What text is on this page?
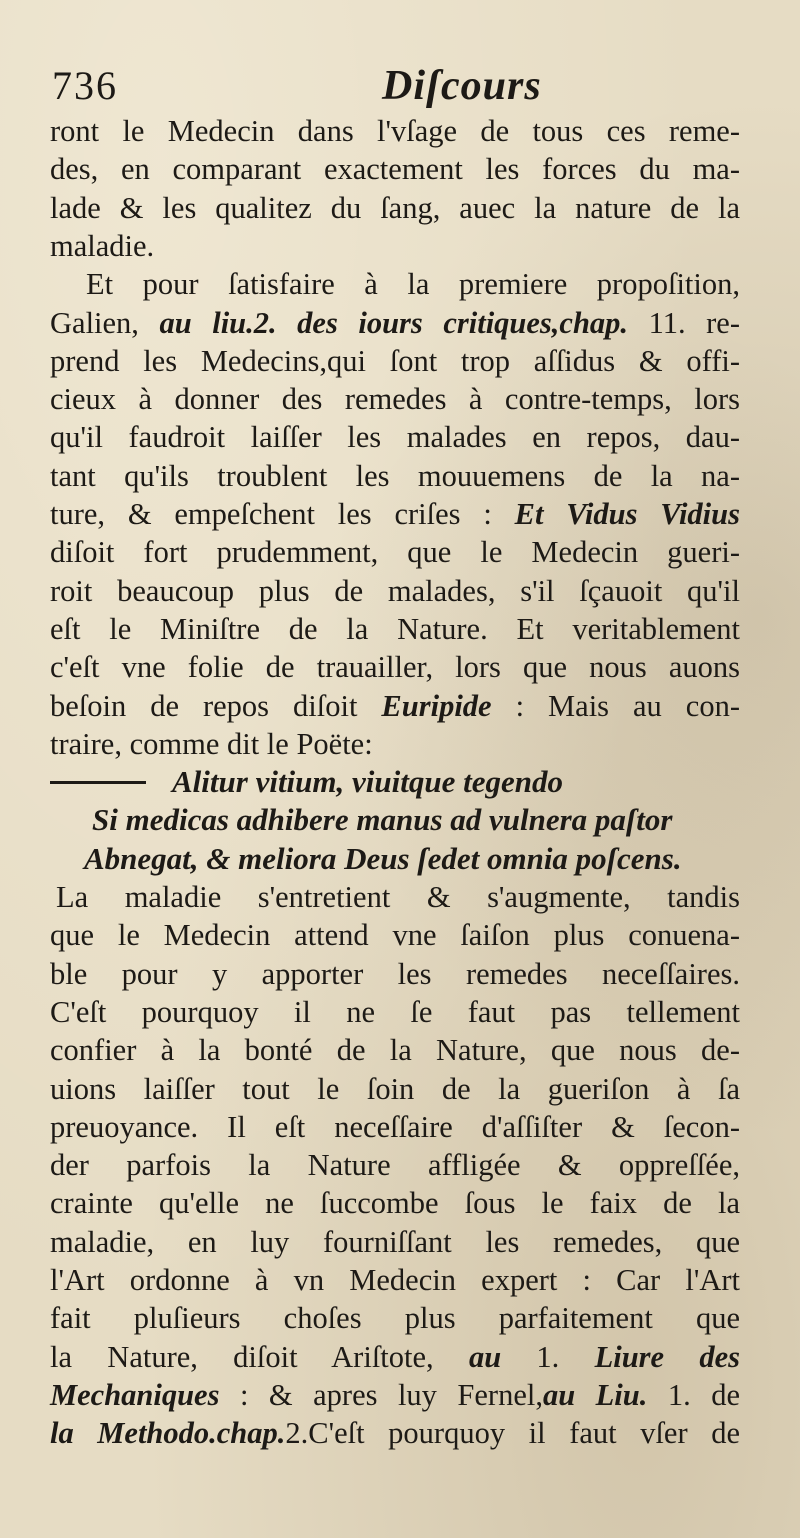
736	Diſcours
ront le Medecin dans l'vſage de tous ces reme-
des, en comparant exactement les forces du ma-
lade & les qualitez du ſang, auec la nature de la
maladie.
Et pour ſatisfaire à la premiere propoſition,
Galien, au liu.2. des iours critiques,chap. 11. re-
prend les Medecins,qui ſont trop aſſidus & offi-
cieux à donner des remedes à contre-temps, lors
qu'il faudroit laiſſer les malades en repos, dau-
tant qu'ils troublent les mouuemens de la na-
ture, & empeſchent les criſes : Et Vidus Vidius
diſoit fort prudemment, que le Medecin gueri-
roit beaucoup plus de malades, s'il ſçauoit qu'il
eſt le Miniſtre de la Nature. Et veritablement
c'eſt vne folie de trauailler, lors que nous auons
beſoin de repos diſoit Euripide : Mais au con-
traire, comme dit le Poëte:
Alitur vitium, viuitque tegendo
Si medicas adhibere manus ad vulnera paſtor
Abnegat, & meliora Deus ſedet omnia poſcens.
La maladie s'entretient & s'augmente, tandis
que le Medecin attend vne ſaiſon plus conuena-
ble pour y apporter les remedes neceſſaires.
C'eſt pourquoy il ne ſe faut pas tellement
confier à la bonté de la Nature, que nous de-
uions laiſſer tout le ſoin de la gueriſon à ſa
preuoyance. Il eſt neceſſaire d'aſſiſter & ſecon-
der parfois la Nature affligée & oppreſſée,
crainte qu'elle ne ſuccombe ſous le faix de la
maladie, en luy fourniſſant les remedes, que
l'Art ordonne à vn Medecin expert : Car l'Art
fait pluſieurs choſes plus parfaitement que
la Nature, diſoit Ariſtote, au 1. Liure des
Mechaniques : & apres luy Fernel,au Liu. 1. de
la Methodo.chap.2.C'eſt pourquoy il faut vſer de
